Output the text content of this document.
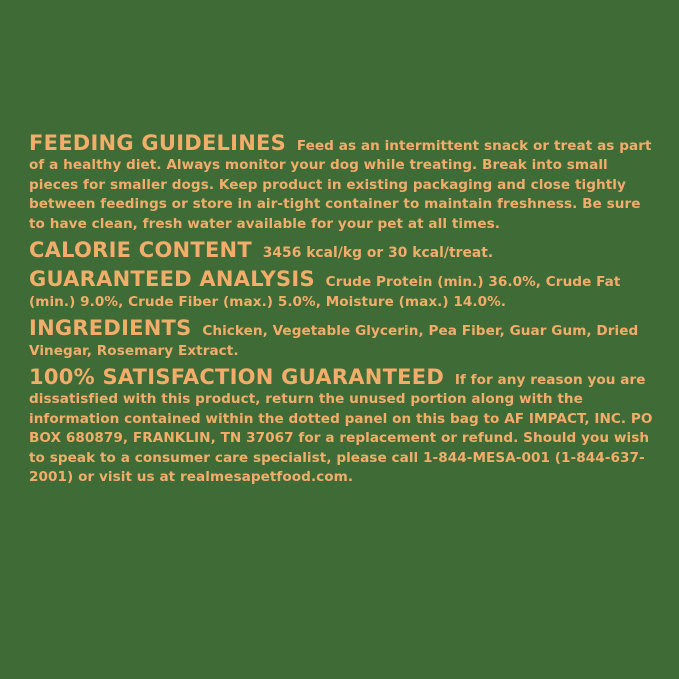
FEEDING GUIDELINES Feed as an intermittent snack or treat as part of a healthy diet. Always monitor your dog while treating. Break into small pieces for smaller dogs. Keep product in existing packaging and close tightly between feedings or store in air-tight container to maintain freshness. Be sure to have clean, fresh water available for your pet at all times.

CALORIE CONTENT 3456 kcal/kg or 30 kcal/treat.

GUARANTEED ANALYSIS Crude Protein (min.) 36.0%, Crude Fat (min.) 9.0%, Crude Fiber (max.) 5.0%, Moisture (max.) 14.0%.

INGREDIENTS Chicken, Vegetable Glycerin, Pea Fiber, Guar Gum, Dried Vinegar, Rosemary Extract.

100% SATISFACTION GUARANTEED If for any reason you are dissatisfied with this product, return the unused portion along with the information contained within the dotted panel on this bag to AF IMPACT, INC. PO BOX 680879, FRANKLIN, TN 37067 for a replacement or refund. Should you wish to speak to a consumer care specialist, please call 1-844-MESA-001 (1-844-637-2001) or visit us at realmesapetfood.com.
